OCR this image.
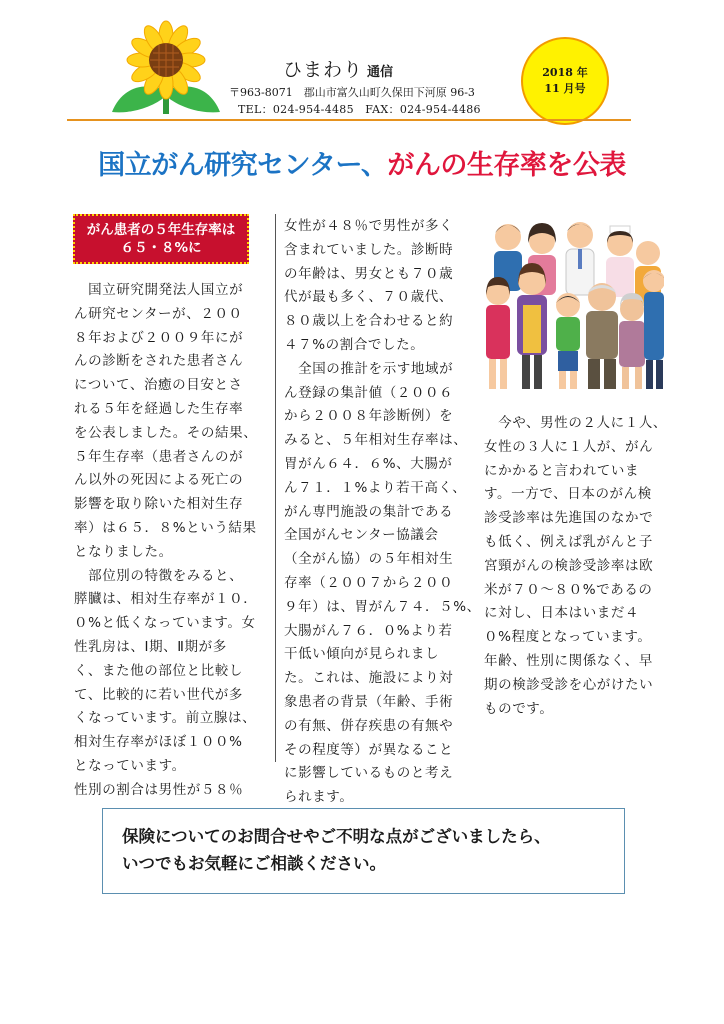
ひまわり 通信
〒963-8071　郡山市富久山町久保田下河原 96-3
TEL：024-954-4485　FAX：024-954-4486
2018 年
11 月号
国立がん研究センター、がんの生存率を公表
がん患者の５年生存率は
６５・８%に

　国立研究開発法人国立が

ん研究センターが、２００

８年および２００９年にが

んの診断をされた患者さん

について、治癒の目安とさ

れる５年を経過した生存率

を公表しました。その結果、

５年生存率（患者さんのが

ん以外の死因による死亡の

影響を取り除いた相対生存

率）は６５．８%という結果

となりました。

　部位別の特徴をみると、

膵臓は、相対生存率が１０．

０%と低くなっています。女

性乳房は、Ⅰ期、Ⅱ期が多

く、また他の部位と比較し

て、比較的に若い世代が多

くなっています。前立腺は、

相対生存率がほぼ１００%

となっています。

性別の割合は男性が５８％

女性が４８％で男性が多く

含まれていました。診断時

の年齢は、男女とも７０歳

代が最も多く、７０歳代、

８０歳以上を合わせると約

４７%の割合でした。

　全国の推計を示す地域が

ん登録の集計値（２００６

から２００８年診断例）を

みると、５年相対生存率は、

胃がん６４．６%、大腸が

ん７１．１%より若干高く、

がん専門施設の集計である

全国がんセンター協議会

（全がん協）の５年相対生

存率（２００７から２００

９年）は、胃がん７４．５%、

大腸がん７６．０%より若

干低い傾向が見られまし

た。これは、施設により対

象患者の背景（年齢、手術

の有無、併存疾患の有無や

その程度等）が異なること

に影響しているものと考え

られます。

　今や、男性の２人に１人、

女性の３人に１人が、がん

にかかると言われていま

す。一方で、日本のがん検

診受診率は先進国のなかで

も低く、例えば乳がんと子

宮頸がんの検診受診率は欧

米が７０～８０%であるの

に対し、日本はいまだ４

０%程度となっています。

年齢、性別に関係なく、早

期の検診受診を心がけたい

ものです。

保険についてのお問合せやご不明な点がございましたら、

いつでもお気軽にご相談ください。
